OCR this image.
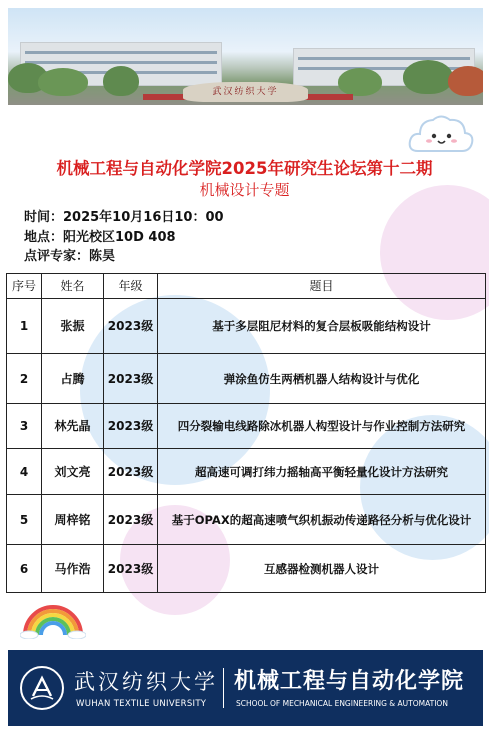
武汉纺织大学
机械工程与自动化学院2025年研究生论坛第十二期
机械设计专题
时间：2025年10月16日10：00
地点：阳光校区10D 408
点评专家：陈昊
序号	姓名	年级	题目
1	张振	2023级	基于多层阻尼材料的复合层板吸能结构设计
2	占腾	2023级	弹涂鱼仿生两栖机器人结构设计与优化
3	林先晶	2023级	四分裂输电线路除冰机器人构型设计与作业控制方法研究
4	刘文亮	2023级	超高速可调打纬力摇轴高平衡轻量化设计方法研究
5	周梓铭	2023级	基于OPAX的超高速喷气织机振动传递路径分析与优化设计
6	马作浩	2023级	互感器检测机器人设计
武汉纺织大学
WUHAN TEXTILE UNIVERSITY
机械工程与自动化学院
SCHOOL OF MECHANICAL ENGINEERING & AUTOMATION
